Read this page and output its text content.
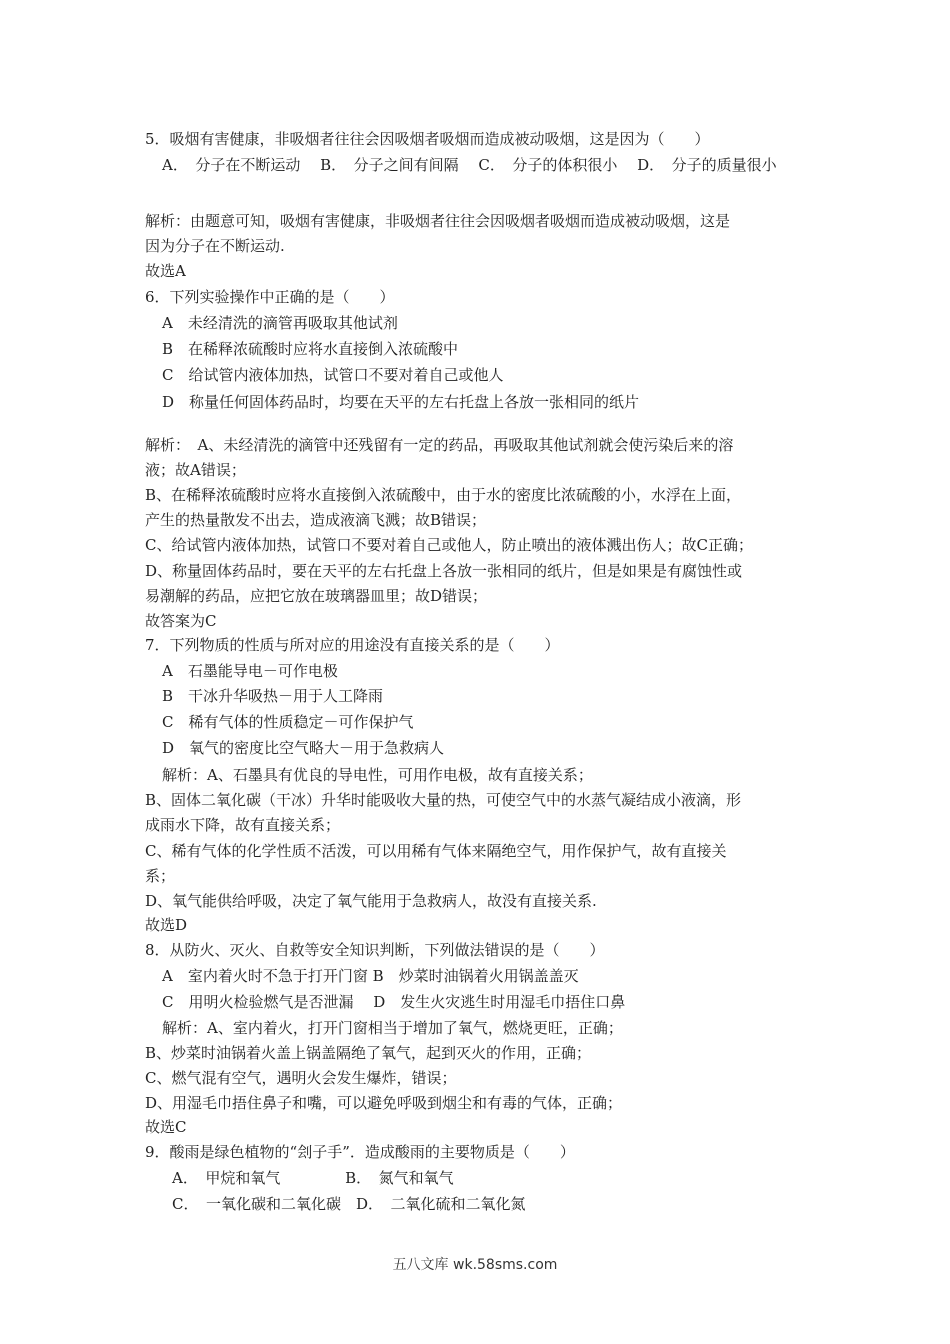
5．吸烟有害健康，非吸烟者往往会因吸烟者吸烟而造成被动吸烟，这是因为（　　）
A．　分子在不断运动　 B．　分子之间有间隔　 C．　分子的体积很小　 D．　分子的质量很小
解析：由题意可知，吸烟有害健康，非吸烟者往往会因吸烟者吸烟而造成被动吸烟，这是
因为分子在不断运动.
故选A
6．下列实验操作中正确的是（　　）
A　未经清洗的滴管再吸取其他试剂
B　在稀释浓硫酸时应将水直接倒入浓硫酸中
C　给试管内液体加热，试管口不要对着自己或他人
D　称量任何固体药品时，均要在天平的左右托盘上各放一张相同的纸片
解析：　A、未经清洗的滴管中还残留有一定的药品，再吸取其他试剂就会使污染后来的溶
液；故A错误；
B、在稀释浓硫酸时应将水直接倒入浓硫酸中，由于水的密度比浓硫酸的小，水浮在上面，
产生的热量散发不出去，造成液滴飞溅；故B错误；
C、给试管内液体加热，试管口不要对着自己或他人，防止喷出的液体溅出伤人；故C正确；
D、称量固体药品时，要在天平的左右托盘上各放一张相同的纸片，但是如果是有腐蚀性或
易潮解的药品，应把它放在玻璃器皿里；故D错误；
故答案为C
7．下列物质的性质与所对应的用途没有直接关系的是（　　）
A　石墨能导电－可作电极
B　干冰升华吸热－用于人工降雨
C　稀有气体的性质稳定－可作保护气
D　氧气的密度比空气略大－用于急救病人
解析：A、石墨具有优良的导电性，可用作电极，故有直接关系；
B、固体二氧化碳（干冰）升华时能吸收大量的热，可使空气中的水蒸气凝结成小液滴，形
成雨水下降，故有直接关系；
C、稀有气体的化学性质不活泼，可以用稀有气体来隔绝空气，用作保护气，故有直接关
系；
D、氧气能供给呼吸，决定了氧气能用于急救病人，故没有直接关系.
故选D
8．从防火、灭火、自救等安全知识判断，下列做法错误的是（　　）
A　室内着火时不急于打开门窗 B　炒菜时油锅着火用锅盖盖灭
C　用明火检验燃气是否泄漏　 D　发生火灾逃生时用湿毛巾捂住口鼻
解析：A、室内着火，打开门窗相当于增加了氧气，燃烧更旺，正确；
B、炒菜时油锅着火盖上锅盖隔绝了氧气，起到灭火的作用，正确；
C、燃气混有空气，遇明火会发生爆炸，错误；
D、用湿毛巾捂住鼻子和嘴，可以避免呼吸到烟尘和有毒的气体，正确；
故选C
9．酸雨是绿色植物的“刽子手”．造成酸雨的主要物质是（　　）
A．　甲烷和氧气　　　　 B．　氮气和氧气
C．　一氧化碳和二氧化碳　D．　二氧化硫和二氧化氮
五八文库 wk.58sms.com
